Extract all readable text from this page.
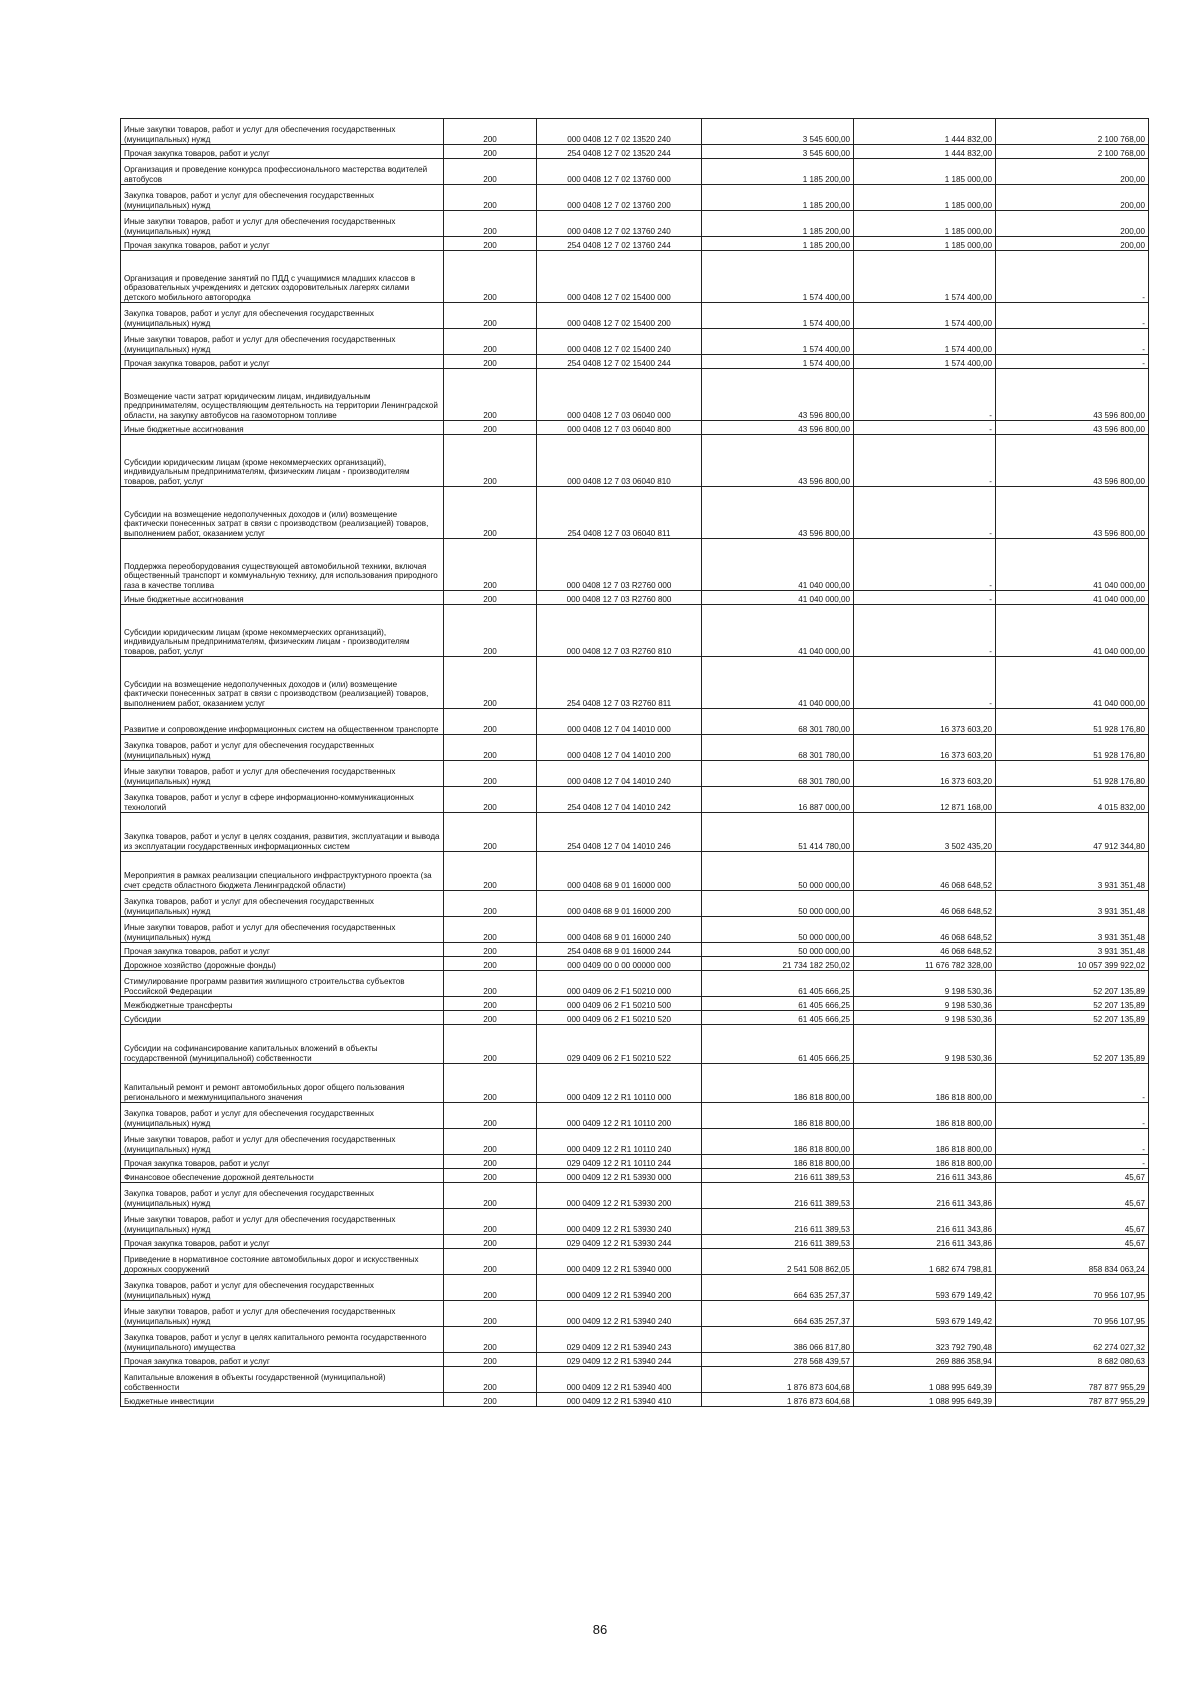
Иные закупки товаров, работ и услуг для обеспечения государственных (муниципальных) нужд	200	000 0408 12 7 02 13520 240	3 545 600,00	1 444 832,00	2 100 768,00
Прочая закупка товаров, работ и услуг	200	254 0408 12 7 02 13520 244	3 545 600,00	1 444 832,00	2 100 768,00
Организация и проведение конкурса профессионального мастерства водителей автобусов	200	000 0408 12 7 02 13760 000	1 185 200,00	1 185 000,00	200,00
Закупка товаров, работ и услуг для обеспечения государственных (муниципальных) нужд	200	000 0408 12 7 02 13760 200	1 185 200,00	1 185 000,00	200,00
Иные закупки товаров, работ и услуг для обеспечения государственных (муниципальных) нужд	200	000 0408 12 7 02 13760 240	1 185 200,00	1 185 000,00	200,00
Прочая закупка товаров, работ и услуг	200	254 0408 12 7 02 13760 244	1 185 200,00	1 185 000,00	200,00
Организация и проведение занятий по ПДД с учащимися младших классов в образовательных учреждениях и детских оздоровительных лагерях силами детского мобильного автогородка	200	000 0408 12 7 02 15400 000	1 574 400,00	1 574 400,00	-
Закупка товаров, работ и услуг для обеспечения государственных (муниципальных) нужд	200	000 0408 12 7 02 15400 200	1 574 400,00	1 574 400,00	-
Иные закупки товаров, работ и услуг для обеспечения государственных (муниципальных) нужд	200	000 0408 12 7 02 15400 240	1 574 400,00	1 574 400,00	-
Прочая закупка товаров, работ и услуг	200	254 0408 12 7 02 15400 244	1 574 400,00	1 574 400,00	-
Возмещение части затрат юридическим лицам, индивидуальным предпринимателям, осуществляющим деятельность на территории Ленинградской области, на закупку автобусов на газомоторном топливе	200	000 0408 12 7 03 06040 000	43 596 800,00	-	43 596 800,00
Иные бюджетные ассигнования	200	000 0408 12 7 03 06040 800	43 596 800,00	-	43 596 800,00
Субсидии юридическим лицам (кроме некоммерческих организаций), индивидуальным предпринимателям, физическим лицам - производителям товаров, работ, услуг	200	000 0408 12 7 03 06040 810	43 596 800,00	-	43 596 800,00
Субсидии на возмещение недополученных доходов и (или) возмещение фактически понесенных затрат в связи с производством (реализацией) товаров, выполнением работ, оказанием услуг	200	254 0408 12 7 03 06040 811	43 596 800,00	-	43 596 800,00
Поддержка переоборудования существующей автомобильной техники, включая общественный транспорт и коммунальную технику, для использования природного газа в качестве топлива	200	000 0408 12 7 03 R2760 000	41 040 000,00	-	41 040 000,00
Иные бюджетные ассигнования	200	000 0408 12 7 03 R2760 800	41 040 000,00	-	41 040 000,00
Субсидии юридическим лицам (кроме некоммерческих организаций), индивидуальным предпринимателям, физическим лицам - производителям товаров, работ, услуг	200	000 0408 12 7 03 R2760 810	41 040 000,00	-	41 040 000,00
Субсидии на возмещение недополученных доходов и (или) возмещение фактически понесенных затрат в связи с производством (реализацией) товаров, выполнением работ, оказанием услуг	200	254 0408 12 7 03 R2760 811	41 040 000,00	-	41 040 000,00
Развитие и сопровождение информационных систем на общественном транспорте	200	000 0408 12 7 04 14010 000	68 301 780,00	16 373 603,20	51 928 176,80
Закупка товаров, работ и услуг для обеспечения государственных (муниципальных) нужд	200	000 0408 12 7 04 14010 200	68 301 780,00	16 373 603,20	51 928 176,80
Иные закупки товаров, работ и услуг для обеспечения государственных (муниципальных) нужд	200	000 0408 12 7 04 14010 240	68 301 780,00	16 373 603,20	51 928 176,80
Закупка товаров, работ и услуг в сфере информационно-коммуникационных технологий	200	254 0408 12 7 04 14010 242	16 887 000,00	12 871 168,00	4 015 832,00
Закупка товаров, работ и услуг в целях создания, развития, эксплуатации и вывода из эксплуатации государственных информационных систем	200	254 0408 12 7 04 14010 246	51 414 780,00	3 502 435,20	47 912 344,80
Мероприятия в рамках реализации специального инфраструктурного проекта (за счет средств областного бюджета Ленинградской области)	200	000 0408 68 9 01 16000 000	50 000 000,00	46 068 648,52	3 931 351,48
Закупка товаров, работ и услуг для обеспечения государственных (муниципальных) нужд	200	000 0408 68 9 01 16000 200	50 000 000,00	46 068 648,52	3 931 351,48
Иные закупки товаров, работ и услуг для обеспечения государственных (муниципальных) нужд	200	000 0408 68 9 01 16000 240	50 000 000,00	46 068 648,52	3 931 351,48
Прочая закупка товаров, работ и услуг	200	254 0408 68 9 01 16000 244	50 000 000,00	46 068 648,52	3 931 351,48
Дорожное хозяйство (дорожные фонды)	200	000 0409 00 0 00 00000 000	21 734 182 250,02	11 676 782 328,00	10 057 399 922,02
Стимулирование программ развития жилищного строительства субъектов Российской Федерации	200	000 0409 06 2 F1 50210 000	61 405 666,25	9 198 530,36	52 207 135,89
Межбюджетные трансферты	200	000 0409 06 2 F1 50210 500	61 405 666,25	9 198 530,36	52 207 135,89
Субсидии	200	000 0409 06 2 F1 50210 520	61 405 666,25	9 198 530,36	52 207 135,89
Субсидии на софинансирование капитальных вложений в объекты государственной (муниципальной) собственности	200	029 0409 06 2 F1 50210 522	61 405 666,25	9 198 530,36	52 207 135,89
Капитальный ремонт и ремонт автомобильных дорог общего пользования регионального и межмуниципального значения	200	000 0409 12 2 R1 10110 000	186 818 800,00	186 818 800,00	-
Закупка товаров, работ и услуг для обеспечения государственных (муниципальных) нужд	200	000 0409 12 2 R1 10110 200	186 818 800,00	186 818 800,00	-
Иные закупки товаров, работ и услуг для обеспечения государственных (муниципальных) нужд	200	000 0409 12 2 R1 10110 240	186 818 800,00	186 818 800,00	-
Прочая закупка товаров, работ и услуг	200	029 0409 12 2 R1 10110 244	186 818 800,00	186 818 800,00	-
Финансовое обеспечение дорожной деятельности	200	000 0409 12 2 R1 53930 000	216 611 389,53	216 611 343,86	45,67
Закупка товаров, работ и услуг для обеспечения государственных (муниципальных) нужд	200	000 0409 12 2 R1 53930 200	216 611 389,53	216 611 343,86	45,67
Иные закупки товаров, работ и услуг для обеспечения государственных (муниципальных) нужд	200	000 0409 12 2 R1 53930 240	216 611 389,53	216 611 343,86	45,67
Прочая закупка товаров, работ и услуг	200	029 0409 12 2 R1 53930 244	216 611 389,53	216 611 343,86	45,67
Приведение в нормативное состояние автомобильных дорог и искусственных дорожных сооружений	200	000 0409 12 2 R1 53940 000	2 541 508 862,05	1 682 674 798,81	858 834 063,24
Закупка товаров, работ и услуг для обеспечения государственных (муниципальных) нужд	200	000 0409 12 2 R1 53940 200	664 635 257,37	593 679 149,42	70 956 107,95
Иные закупки товаров, работ и услуг для обеспечения государственных (муниципальных) нужд	200	000 0409 12 2 R1 53940 240	664 635 257,37	593 679 149,42	70 956 107,95
Закупка товаров, работ и услуг в целях капитального ремонта государственного (муниципального) имущества	200	029 0409 12 2 R1 53940 243	386 066 817,80	323 792 790,48	62 274 027,32
Прочая закупка товаров, работ и услуг	200	029 0409 12 2 R1 53940 244	278 568 439,57	269 886 358,94	8 682 080,63
Капитальные вложения в объекты государственной (муниципальной) собственности	200	000 0409 12 2 R1 53940 400	1 876 873 604,68	1 088 995 649,39	787 877 955,29
Бюджетные инвестиции	200	000 0409 12 2 R1 53940 410	1 876 873 604,68	1 088 995 649,39	787 877 955,29
86
